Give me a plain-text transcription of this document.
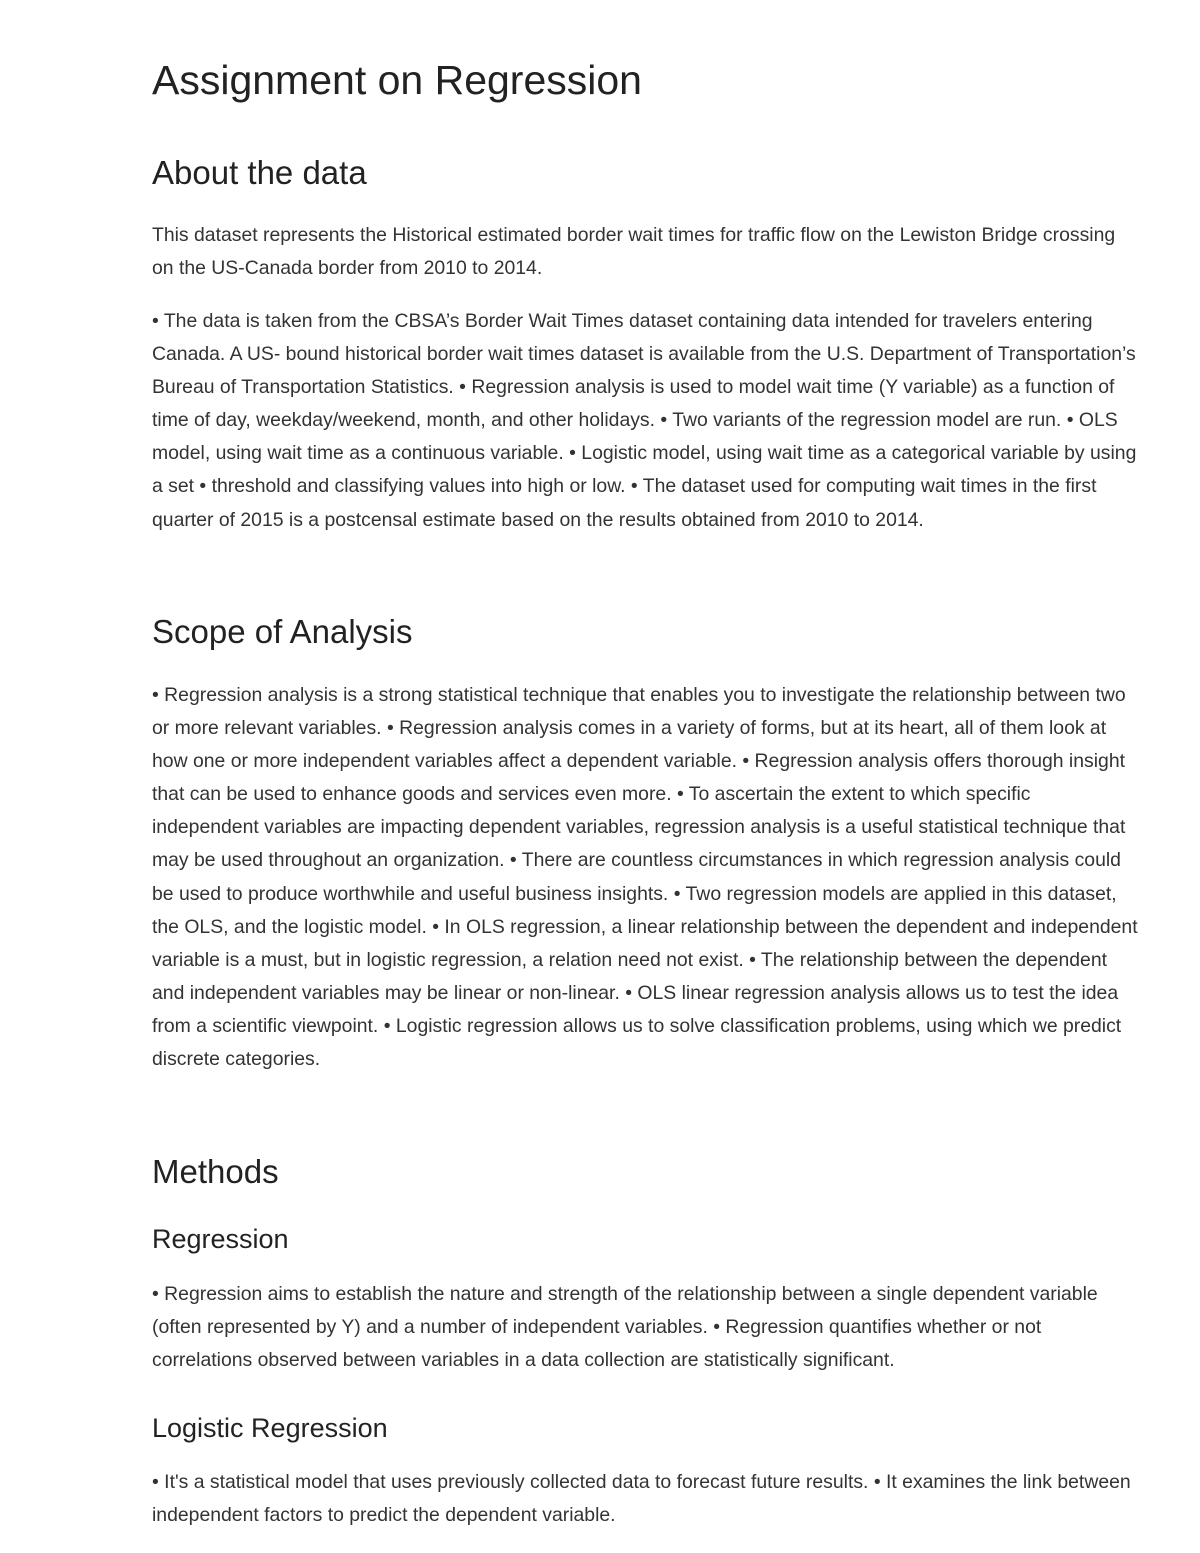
Assignment on Regression
About the data

This dataset represents the Historical estimated border wait times for traffic flow on the Lewiston Bridge crossing on the US-Canada border from 2010 to 2014.

• The data is taken from the CBSA’s Border Wait Times dataset containing data intended for travelers entering Canada. A US- bound historical border wait times dataset is available from the U.S. Department of Transportation’s Bureau of Transportation Statistics. • Regression analysis is used to model wait time (Y variable) as a function of time of day, weekday/weekend, month, and other holidays. • Two variants of the regression model are run. • OLS model, using wait time as a continuous variable. • Logistic model, using wait time as a categorical variable by using a set • threshold and classifying values into high or low. • The dataset used for computing wait times in the first quarter of 2015 is a postcensal estimate based on the results obtained from 2010 to 2014.

Scope of Analysis

• Regression analysis is a strong statistical technique that enables you to investigate the relationship between two or more relevant variables. • Regression analysis comes in a variety of forms, but at its heart, all of them look at how one or more independent variables affect a dependent variable. • Regression analysis offers thorough insight that can be used to enhance goods and services even more. • To ascertain the extent to which specific independent variables are impacting dependent variables, regression analysis is a useful statistical technique that may be used throughout an organization. • There are countless circumstances in which regression analysis could be used to produce worthwhile and useful business insights. • Two regression models are applied in this dataset, the OLS, and the logistic model. • In OLS regression, a linear relationship between the dependent and independent variable is a must, but in logistic regression, a relation need not exist. • The relationship between the dependent and independent variables may be linear or non-linear. • OLS linear regression analysis allows us to test the idea from a scientific viewpoint. • Logistic regression allows us to solve classification problems, using which we predict discrete categories.

Methods
Regression

• Regression aims to establish the nature and strength of the relationship between a single dependent variable (often represented by Y) and a number of independent variables. • Regression quantifies whether or not correlations observed between variables in a data collection are statistically significant.

Logistic Regression

• It's a statistical model that uses previously collected data to forecast future results. • It examines the link between independent factors to predict the dependent variable.
